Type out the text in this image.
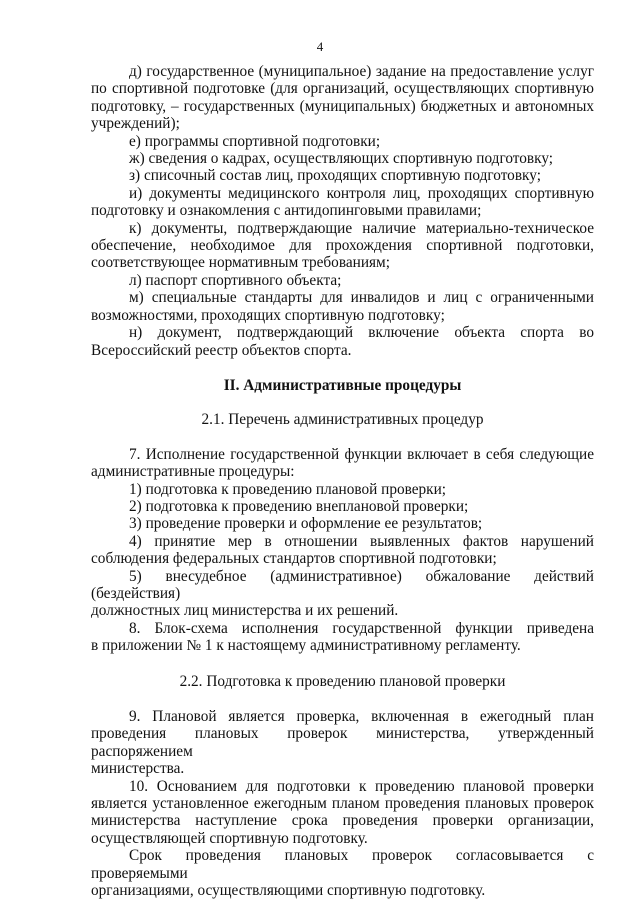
4

д) государственное (муниципальное) задание на предоставление услуг

по спортивной подготовке (для организаций, осуществляющих спортивную

подготовку, – государственных (муниципальных) бюджетных и автономных

учреждений);

е) программы спортивной подготовки;

ж) сведения о кадрах, осуществляющих спортивную подготовку;

з) списочный состав лиц, проходящих спортивную подготовку;

и) документы медицинского контроля лиц, проходящих спортивную

подготовку и ознакомления с антидопинговыми правилами;

к) документы, подтверждающие наличие материально-техническое

обеспечение, необходимое для прохождения спортивной подготовки,

соответствующее нормативным требованиям;

л) паспорт спортивного объекта;

м) специальные стандарты для инвалидов и лиц с ограниченными

возможностями, проходящих спортивную подготовку;

н) документ, подтверждающий включение объекта спорта во

Всероссийский реестр объектов спорта.

II. Административные процедуры

2.1. Перечень административных процедур

7. Исполнение государственной функции включает в себя следующие

административные процедуры:

1) подготовка к проведению плановой проверки;

2) подготовка к проведению внеплановой проверки;

3) проведение проверки и оформление ее результатов;

4) принятие мер в отношении выявленных фактов нарушений

соблюдения федеральных стандартов спортивной подготовки;

5) внесудебное (административное) обжалование действий (бездействия)

должностных лиц министерства и их решений.

8. Блок-схема исполнения государственной функции приведена

в приложении № 1 к настоящему административному регламенту.

2.2. Подготовка к проведению плановой проверки

9. Плановой является проверка, включенная в ежегодный план

проведения плановых проверок министерства, утвержденный распоряжением

министерства.

10. Основанием для подготовки к проведению плановой проверки

является установленное ежегодным планом проведения плановых проверок

министерства наступление срока проведения проверки организации,

осуществляющей спортивную подготовку.

Срок проведения плановых проверок согласовывается с проверяемыми

организациями, осуществляющими спортивную подготовку.
